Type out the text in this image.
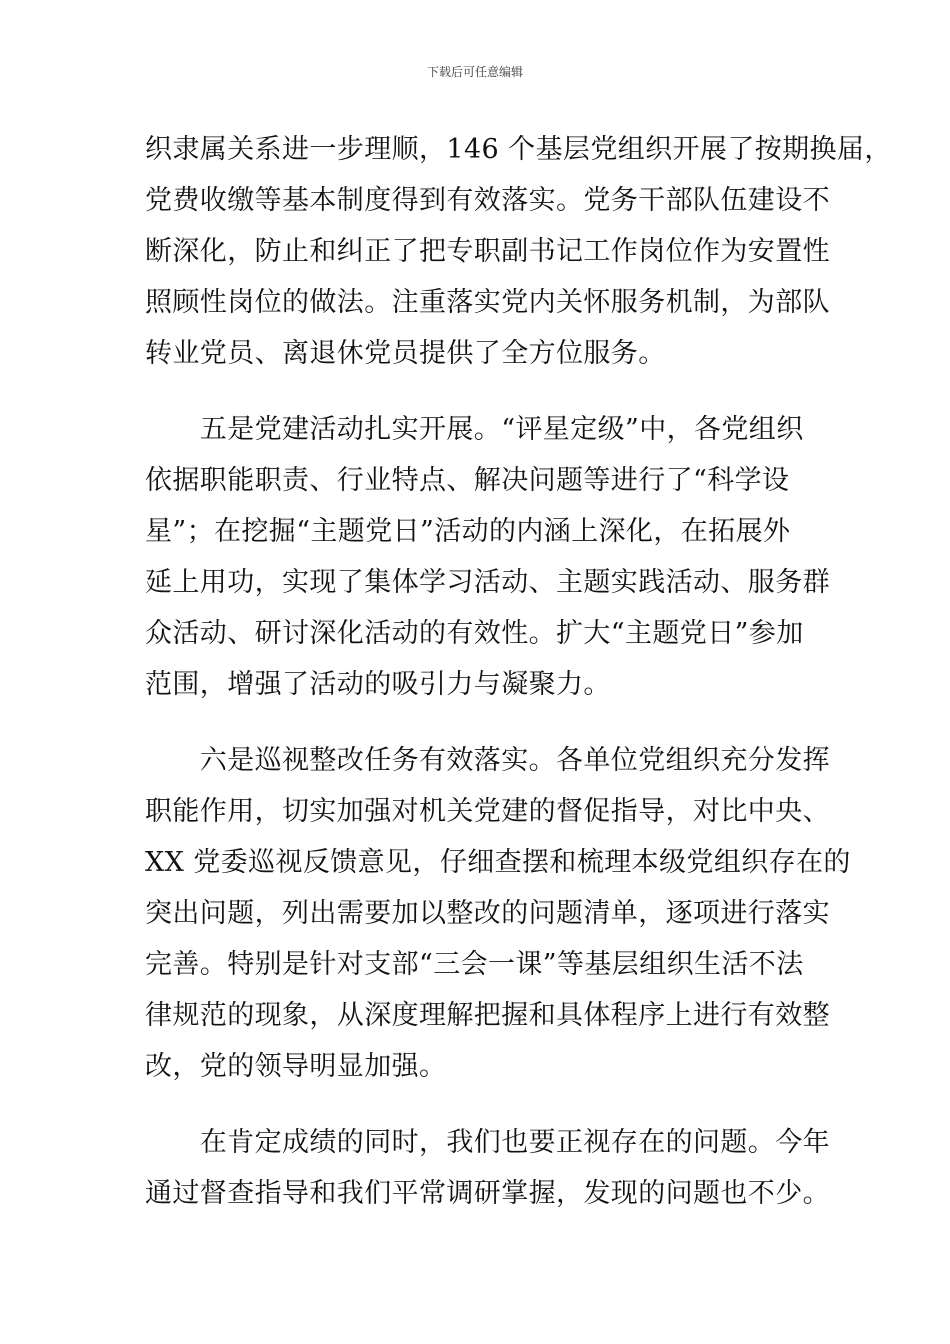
下载后可任意编辑
织隶属关系进一步理顺，146 个基层党组织开展了按期换届，
党费收缴等基本制度得到有效落实。党务干部队伍建设不
断深化，防止和纠正了把专职副书记工作岗位作为安置性
照顾性岗位的做法。注重落实党内关怀服务机制，为部队
转业党员、离退休党员提供了全方位服务。
　　五是党建活动扎实开展。“评星定级”中，各党组织
依据职能职责、行业特点、解决问题等进行了“科学设
星”；在挖掘“主题党日”活动的内涵上深化，在拓展外
延上用功，实现了集体学习活动、主题实践活动、服务群
众活动、研讨深化活动的有效性。扩大“主题党日”参加
范围，增强了活动的吸引力与凝聚力。
　　六是巡视整改任务有效落实。各单位党组织充分发挥
职能作用，切实加强对机关党建的督促指导，对比中央、
XX 党委巡视反馈意见，仔细查摆和梳理本级党组织存在的
突出问题，列出需要加以整改的问题清单，逐项进行落实
完善。特别是针对支部“三会一课”等基层组织生活不法
律规范的现象，从深度理解把握和具体程序上进行有效整
改，党的领导明显加强。
　　在肯定成绩的同时，我们也要正视存在的问题。今年
通过督查指导和我们平常调研掌握，发现的问题也不少。
